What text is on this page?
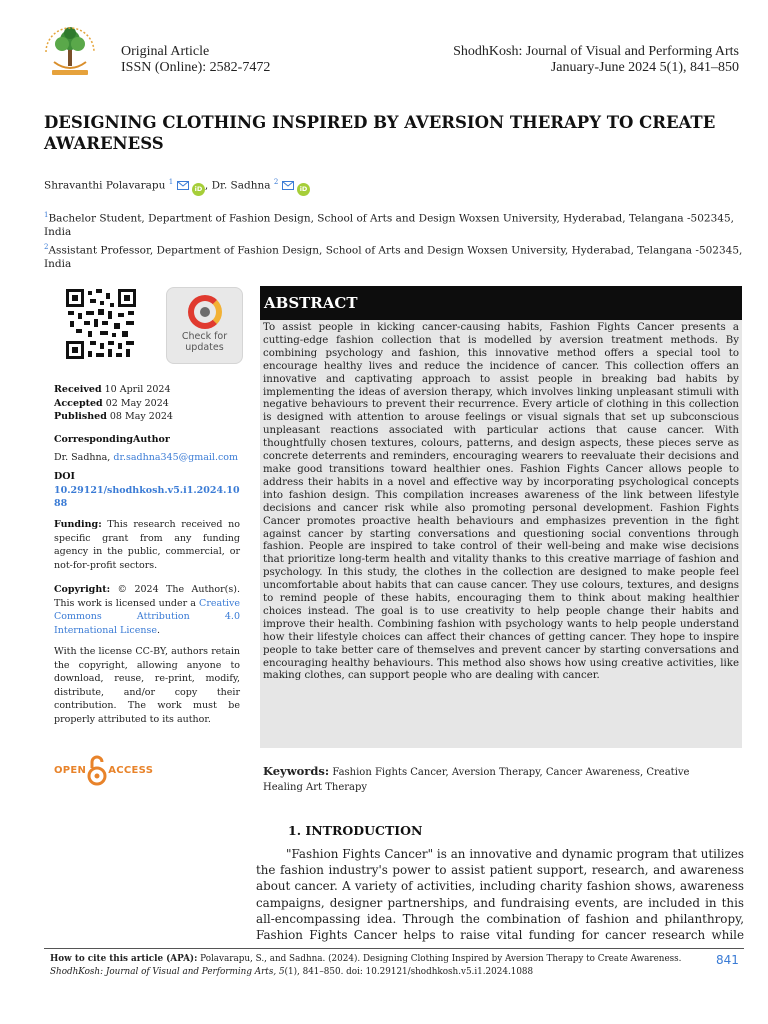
Original Article
ISSN (Online): 2582-7472
ShodhKosh: Journal of Visual and Performing Arts
January-June 2024 5(1), 841–850
DESIGNING CLOTHING INSPIRED BY AVERSION THERAPY TO CREATE AWARENESS
Shravanthi Polavarapu $^1$  iD , Dr. Sadhna $^2$  iD
$^1$Bachelor Student, Department of Fashion Design, School of Arts and Design Woxsen University, Hyderabad, Telangana -502345, India
$^2$Assistant Professor, Department of Fashion Design, School of Arts and Design Woxsen University, Hyderabad, Telangana -502345, India
Check for
updates
Received 10 April 2024
Accepted 02 May 2024
Published 08 May 2024
CorrespondingAuthor
Dr. Sadhna, dr.sadhna345@gmail.com
DOI
10.29121/shodhkosh.v5.i1.2024.1088
Funding: This research received no specific grant from any funding agency in the public, commercial, or not-for-profit sectors.
Copyright: © 2024 The Author(s). This work is licensed under a Creative Commons Attribution 4.0 International License.
With the license CC-BY, authors retain the copyright, allowing anyone to download, reuse, re-print, modify, distribute, and/or copy their contribution. The work must be properly attributed to its author.
OPEN ACCESS
ABSTRACT
To assist people in kicking cancer-causing habits, Fashion Fights Cancer presents a cutting-edge fashion collection that is modelled by aversion treatment methods. By combining psychology and fashion, this innovative method offers a special tool to encourage healthy lives and reduce the incidence of cancer. This collection offers an innovative and captivating approach to assist people in breaking bad habits by implementing the ideas of aversion therapy, which involves linking unpleasant stimuli with negative behaviours to prevent their recurrence. Every article of clothing in this collection is designed with attention to arouse feelings or visual signals that set up subconscious unpleasant reactions associated with particular actions that cause cancer. With thoughtfully chosen textures, colours, patterns, and design aspects, these pieces serve as concrete deterrents and reminders, encouraging wearers to reevaluate their decisions and make good transitions toward healthier ones. Fashion Fights Cancer allows people to address their habits in a novel and effective way by incorporating psychological concepts into fashion design. This compilation increases awareness of the link between lifestyle decisions and cancer risk while also promoting personal development. Fashion Fights Cancer promotes proactive health behaviours and emphasizes prevention in the fight against cancer by starting conversations and questioning social conventions through fashion. People are inspired to take control of their well-being and make wise decisions that prioritize long-term health and vitality thanks to this creative marriage of fashion and psychology. In this study, the clothes in the collection are designed to make people feel uncomfortable about habits that can cause cancer. They use colours, textures, and designs to remind people of these habits, encouraging them to think about making healthier choices instead. The goal is to use creativity to help people change their habits and improve their health. Combining fashion with psychology wants to help people understand how their lifestyle choices can affect their chances of getting cancer. They hope to inspire people to take better care of themselves and prevent cancer by starting conversations and encouraging healthy behaviours. This method also shows how using creative activities, like making clothes, can support people who are dealing with cancer.
Keywords: Fashion Fights Cancer, Aversion Therapy, Cancer Awareness, Creative Healing Art Therapy
1. INTRODUCTION

"Fashion Fights Cancer" is an innovative and dynamic program that utilizes the fashion industry's power to assist patient support, research, and awareness about cancer. A variety of activities, including charity fashion shows, awareness campaigns, designer partnerships, and fundraising events, are included in this all-encompassing idea. Through the combination of fashion and philanthropy, Fashion Fights Cancer helps to raise vital funding for cancer research while

How to cite this article (APA): Polavarapu, S., and Sadhna. (2024). Designing Clothing Inspired by Aversion Therapy to Create Awareness. ShodhKosh: Journal of Visual and Performing Arts, 5(1), 841–850. doi: 10.29121/shodhkosh.v5.i1.2024.1088
841
